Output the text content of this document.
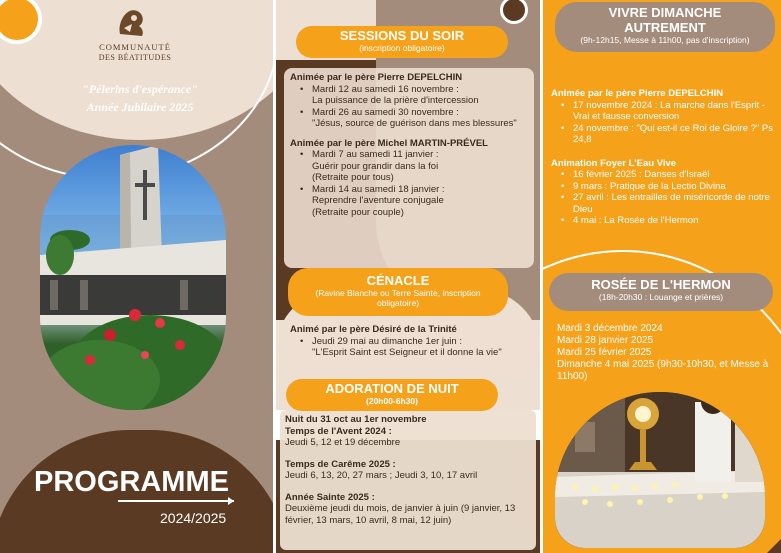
COMMUNAUTÉ
DES BÉATITUDES
"Pélerins d'espérance"
Année Jubilaire 2025
PROGRAMME
2024/2025
SESSIONS DU SOIR
(inscription obligatoire)
Animée par le père Pierre DEPELCHIN
• Mardi 12 au samedi 16 novembre :
La puissance de la prière d'intercession
• Mardi 26 au samedi 30 novembre :
"Jésus, source de guérison dans mes blessures"
Animée par le père Michel MARTIN-PRÉVEL
• Mardi 7 au samedi 11 janvier :
Guérir pour grandir dans la foi
(Retraite pour tous)
• Mardi 14 au samedi 18 janvier :
Reprendre l'aventure conjugale
(Retraite pour couple)
CÉNACLE
(Ravine Blanche ou Terre Sainte, inscription obligatoire)
Animé par le père Désiré de la Trinité
• Jeudi 29 mai au dimanche 1er juin :
"L'Esprit Saint est Seigneur et il donne la vie"
ADORATION DE NUIT
(20h00-6h30)
Nuit du 31 oct au 1er novembre
Temps de l'Avent 2024 :
Jeudi 5, 12 et 19 décembre
Temps de Carême 2025 :
Jeudi 6, 13, 20, 27 mars ; Jeudi 3, 10, 17 avril
Année Sainte 2025 :
Deuxième jeudi du mois, de janvier à juin (9 janvier, 13 février, 13 mars, 10 avril, 8 mai, 12 juin)
VIVRE DIMANCHE
AUTREMENT
(9h-12h15, Messe à 11h00, pas d'inscription)
Animée par le père Pierre DEPELCHIN
• 17 novembre 2024 : La marche dans l'Esprit - Vrai et fausse conversion
• 24 novembre : "Qui est-il ce Roi de Gloire ?" Ps 24,8
Animation Foyer L'Eau Vive
• 16 février 2025 : Danses d'Israël
• 9 mars : Pratique de la Lectio Divina
• 27 avril : Les entrailles de miséricorde de notre Dieu
• 4 mai : La Rosée de l'Hermon
ROSÉE DE L'HERMON
(18h-20h30 : Louange et prières)
Mardi 3 décembre 2024
Mardi 28 janvier 2025
Mardi 25 février 2025
Dimanche 4 mai 2025 (9h30-10h30, et Messe à 11h00)
